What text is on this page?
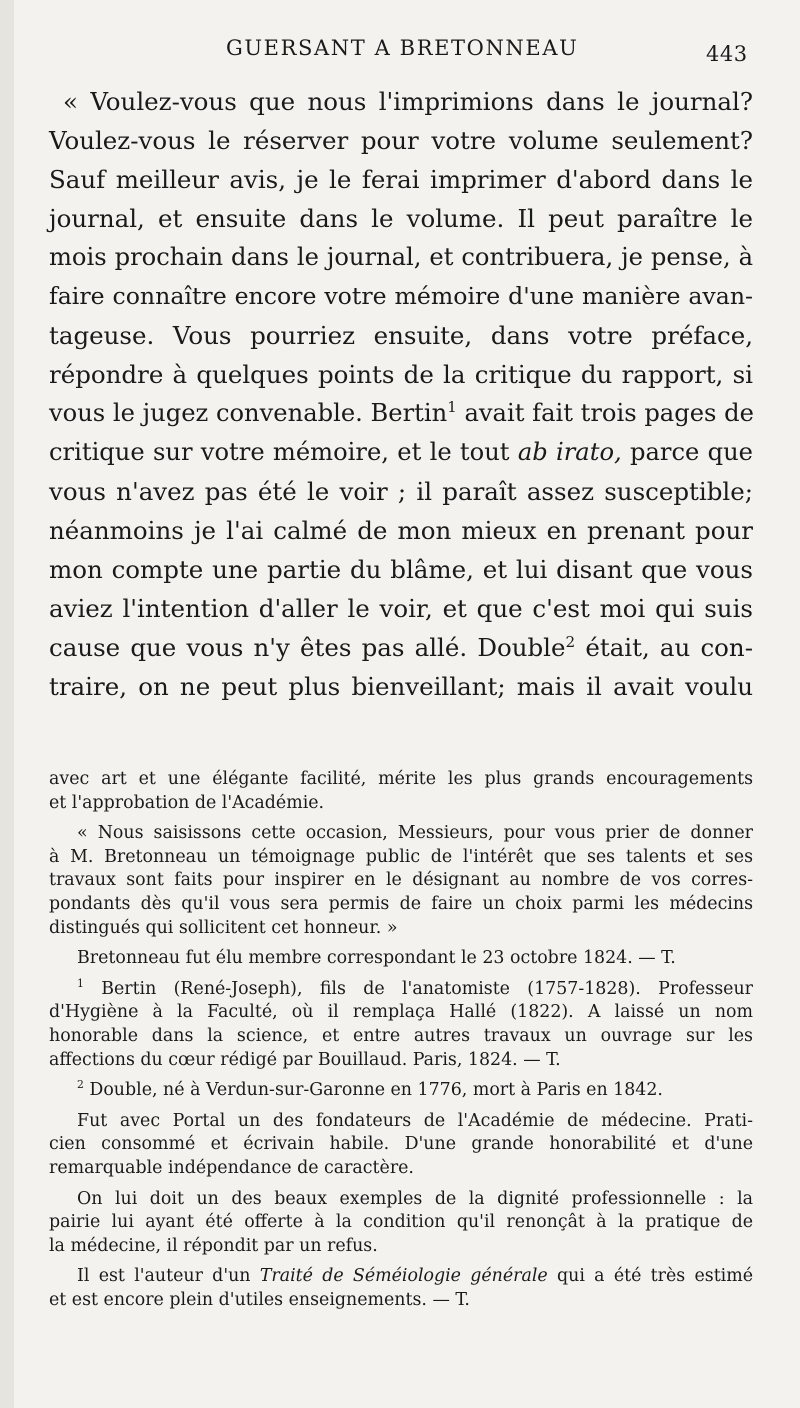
GUERSANT A BRETONNEAU	443
« Voulez-vous que nous l'imprimions dans le journal?
Voulez-vous le réserver pour votre volume seulement?
Sauf meilleur avis, je le ferai imprimer d'abord dans le
journal, et ensuite dans le volume. Il peut paraître le
mois prochain dans le journal, et contribuera, je pense, à
faire connaître encore votre mémoire d'une manière avan-
tageuse. Vous pourriez ensuite, dans votre préface,
répondre à quelques points de la critique du rapport, si
vous le jugez convenable. Bertin$^1$ avait fait trois pages de
critique sur votre mémoire, et le tout ab irato, parce que
vous n'avez pas été le voir ; il paraît assez susceptible;
néanmoins je l'ai calmé de mon mieux en prenant pour
mon compte une partie du blâme, et lui disant que vous
aviez l'intention d'aller le voir, et que c'est moi qui suis
cause que vous n'y êtes pas allé. Double$^2$ était, au con-
traire, on ne peut plus bienveillant; mais il avait voulu
avec art et une élégante facilité, mérite les plus grands encouragements
et l'approbation de l'Académie.
« Nous saisissons cette occasion, Messieurs, pour vous prier de donner
à M. Bretonneau un témoignage public de l'intérêt que ses talents et ses
travaux sont faits pour inspirer en le désignant au nombre de vos corres-
pondants dès qu'il vous sera permis de faire un choix parmi les médecins
distingués qui sollicitent cet honneur. »
Bretonneau fut élu membre correspondant le 23 octobre 1824. — T.
$^1$ Bertin (René-Joseph), fils de l'anatomiste (1757-1828). Professeur
d'Hygiène à la Faculté, où il remplaça Hallé (1822). A laissé un nom
honorable dans la science, et entre autres travaux un ouvrage sur les
affections du cœur rédigé par Bouillaud. Paris, 1824. — T.
$^2$ Double, né à Verdun-sur-Garonne en 1776, mort à Paris en 1842.
Fut avec Portal un des fondateurs de l'Académie de médecine. Prati-
cien consommé et écrivain habile. D'une grande honorabilité et d'une
remarquable indépendance de caractère.
On lui doit un des beaux exemples de la dignité professionnelle : la
pairie lui ayant été offerte à la condition qu'il renonçât à la pratique de
la médecine, il répondit par un refus.
Il est l'auteur d'un Traité de Séméiologie générale qui a été très estimé
et est encore plein d'utiles enseignements. — T.
